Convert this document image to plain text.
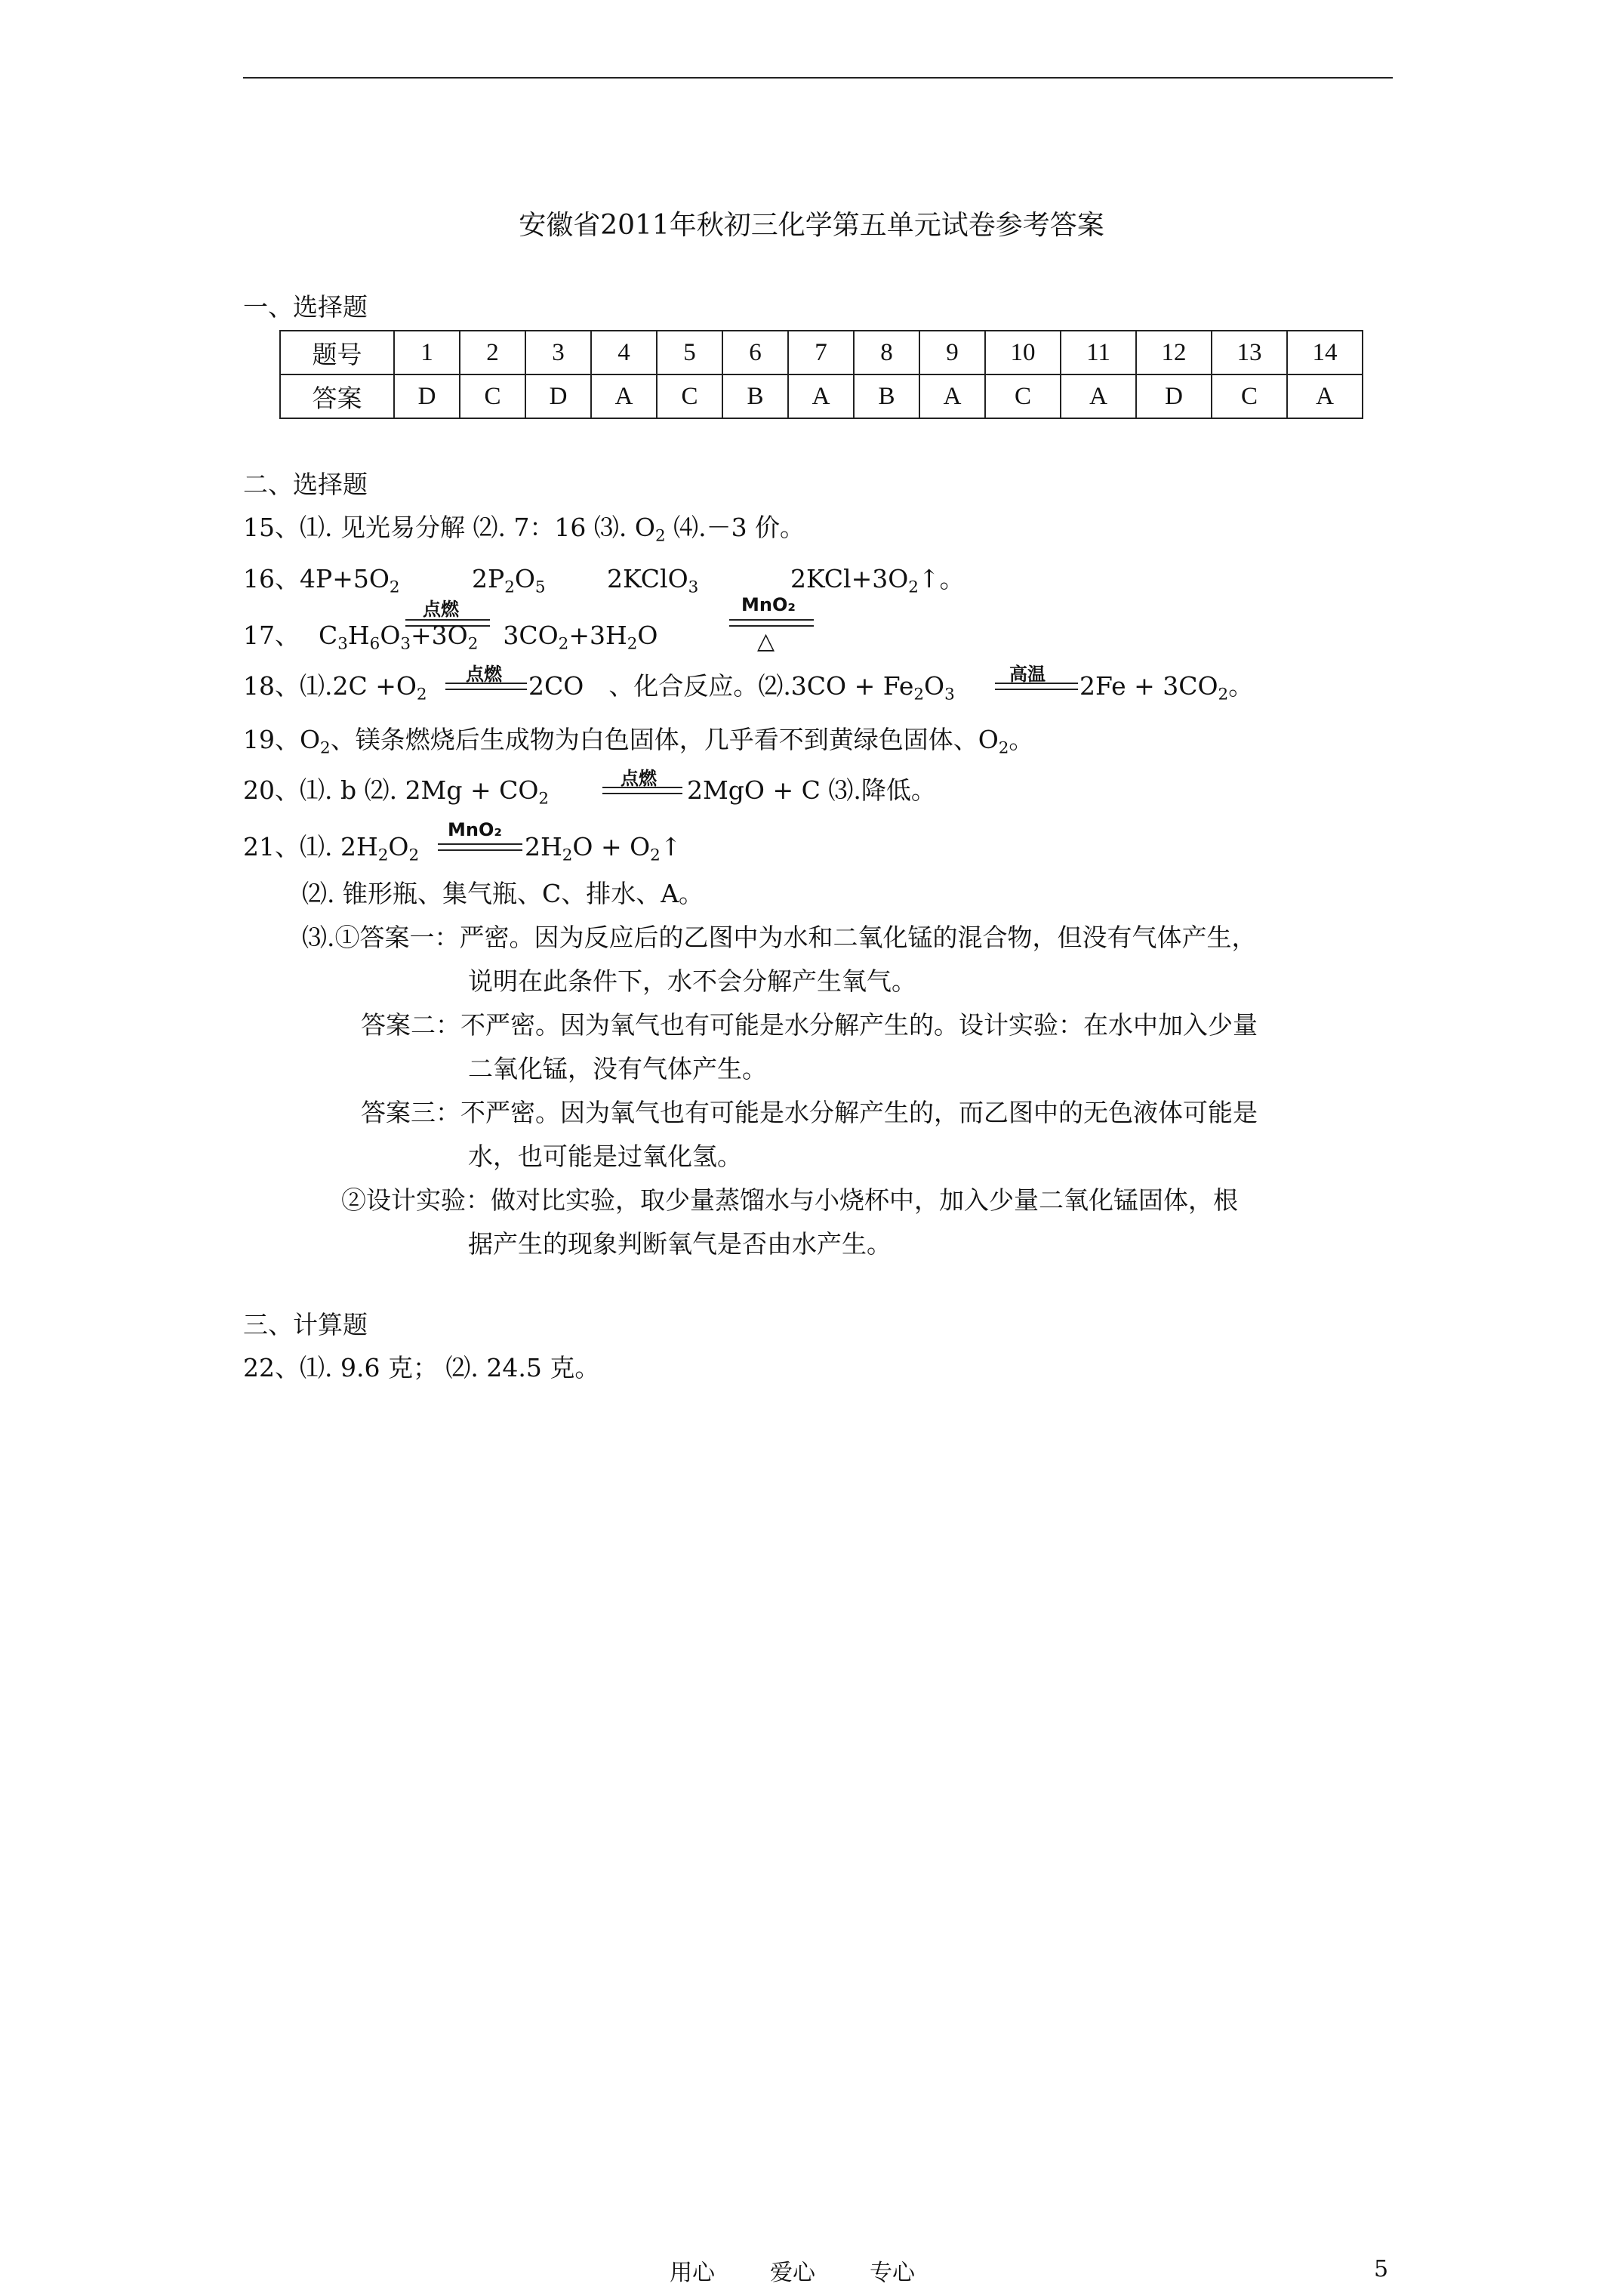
安徽省2011年秋初三化学第五单元试卷参考答案
一、选择题
题号	1	2	3	4	5	6	7	8	9	10	11	12	13	14
答案	D	C	D	A	C	B	A	B	A	C	A	D	C	A
二、选择题
15、⑴. 见光易分解 ⑵. 7：16 ⑶. $O_2$ ⑷.－3 价。
16、$4P+5O_2$	$2P_2O_5$ 2KClO$_3$	$2KCl+3O_2↑$。
点燃	MnO₂
△
17、 $C_3H_6O_3+3O_2$   $3CO_2+3H_2O$
点燃	高温
18、⑴.2C $+O_2$	2CO   、化合反应。⑵.3CO + $Fe_2O_3$	$2Fe + 3CO_2$。
19、$O_2$、镁条燃烧后生成物为白色固体，几乎看不到黄绿色固体、$O_2$。
点燃
20、⑴. b ⑵. $2Mg + CO_2$	2MgO + C ⑶.降低。
MnO₂
21、⑴. $2H_2O_2$	$2H_2O$ + $O_2↑$
⑵. 锥形瓶、集气瓶、C、排水、A。
⑶.①答案一：严密。因为反应后的乙图中为水和二氧化锰的混合物，但没有气体产生，
说明在此条件下，水不会分解产生氧气。
答案二：不严密。因为氧气也有可能是水分解产生的。设计实验：在水中加入少量
二氧化锰，没有气体产生。
答案三：不严密。因为氧气也有可能是水分解产生的，而乙图中的无色液体可能是
水，也可能是过氧化氢。
②设计实验：做对比实验，取少量蒸馏水与小烧杯中，加入少量二氧化锰固体，根
据产生的现象判断氧气是否由水产生。
三、计算题
22、⑴. 9.6 克； ⑵. 24.5 克。
用心 爱心 专心	5
